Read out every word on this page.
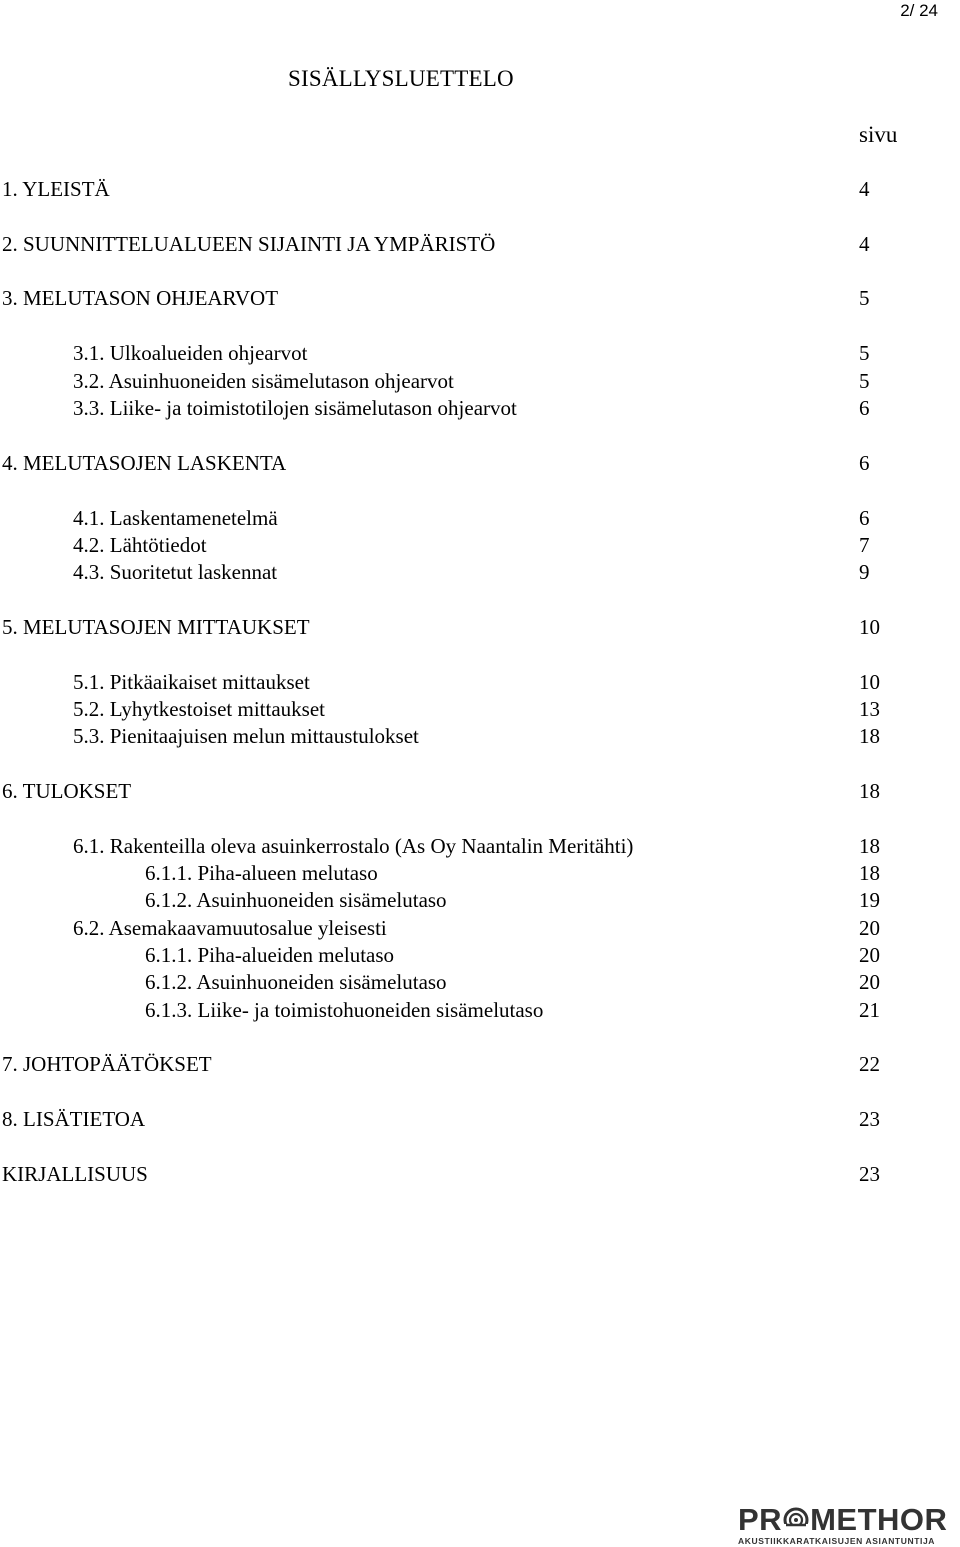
2/ 24
SISÄLLYSLUETTELO
sivu
1. YLEISTÄ	4
2. SUUNNITTELUALUEEN SIJAINTI JA YMPÄRISTÖ	4
3. MELUTASON OHJEARVOT	5
3.1. Ulkoalueiden ohjearvot	5
3.2. Asuinhuoneiden sisämelutason ohjearvot	5
3.3. Liike- ja toimistotilojen sisämelutason ohjearvot	6
4. MELUTASOJEN LASKENTA	6
4.1. Laskentamenetelmä	6
4.2. Lähtötiedot	7
4.3. Suoritetut laskennat	9
5. MELUTASOJEN MITTAUKSET	10
5.1. Pitkäaikaiset mittaukset	10
5.2. Lyhytkestoiset mittaukset	13
5.3. Pienitaajuisen melun mittaustulokset	18
6. TULOKSET	18
6.1. Rakenteilla oleva asuinkerrostalo (As Oy Naantalin Meritähti)	18
6.1.1. Piha-alueen melutaso	18
6.1.2. Asuinhuoneiden sisämelutaso	19
6.2. Asemakaavamuutosalue yleisesti	20
6.1.1. Piha-alueiden melutaso	20
6.1.2. Asuinhuoneiden sisämelutaso	20
6.1.3. Liike- ja toimistohuoneiden sisämelutaso	21
7. JOHTOPÄÄTÖKSET	22
8. LISÄTIETOA	23
KIRJALLISUUS	23
PR METHOR
AKUSTIIKKARATKAISUJEN ASIANTUNTIJA
